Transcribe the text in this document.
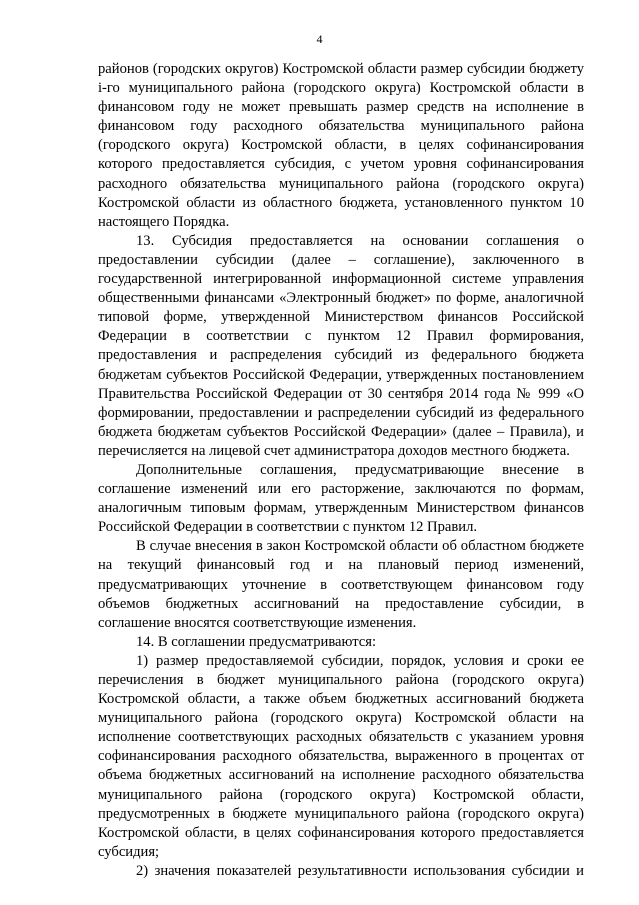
4

районов (городских округов) Костромской области размер субсидии бюджету i-го муниципального района (городского округа) Костромской области в финансовом году не может превышать размер средств на исполнение в финансовом году расходного обязательства муниципального района (городского округа) Костромской области, в целях софинансирования которого предоставляется субсидия, с учетом уровня софинансирования расходного обязательства муниципального района (городского округа) Костромской области из областного бюджета, установленного пунктом 10 настоящего Порядка.

13. Субсидия предоставляется на основании соглашения о предоставлении субсидии (далее – соглашение), заключенного в государственной интегрированной информационной системе управления общественными финансами «Электронный бюджет» по форме, аналогичной типовой форме, утвержденной Министерством финансов Российской Федерации в соответствии с пунктом 12 Правил формирования, предоставления и распределения субсидий из федерального бюджета бюджетам субъектов Российской Федерации, утвержденных постановлением Правительства Российской Федерации от 30 сентября 2014 года № 999 «О формировании, предоставлении и распределении субсидий из федерального бюджета бюджетам субъектов Российской Федерации» (далее – Правила), и перечисляется на лицевой счет администратора доходов местного бюджета.

Дополнительные соглашения, предусматривающие внесение в соглашение изменений или его расторжение, заключаются по формам, аналогичным типовым формам, утвержденным Министерством финансов Российской Федерации в соответствии с пунктом 12 Правил.

В случае внесения в закон Костромской области об областном бюджете на текущий финансовый год и на плановый период изменений, предусматривающих уточнение в соответствующем финансовом году объемов бюджетных ассигнований на предоставление субсидии, в соглашение вносятся соответствующие изменения.

14. В соглашении предусматриваются:

1) размер предоставляемой субсидии, порядок, условия и сроки ее перечисления в бюджет муниципального района (городского округа) Костромской области, а также объем бюджетных ассигнований бюджета муниципального района (городского округа) Костромской области на исполнение соответствующих расходных обязательств с указанием уровня софинансирования расходного обязательства, выраженного в процентах от объема бюджетных ассигнований на исполнение расходного обязательства муниципального района (городского округа) Костромской области, предусмотренных в бюджете муниципального района (городского округа) Костромской области, в целях софинансирования которого предоставляется субсидия;

2) значения показателей результативности использования субсидии и
